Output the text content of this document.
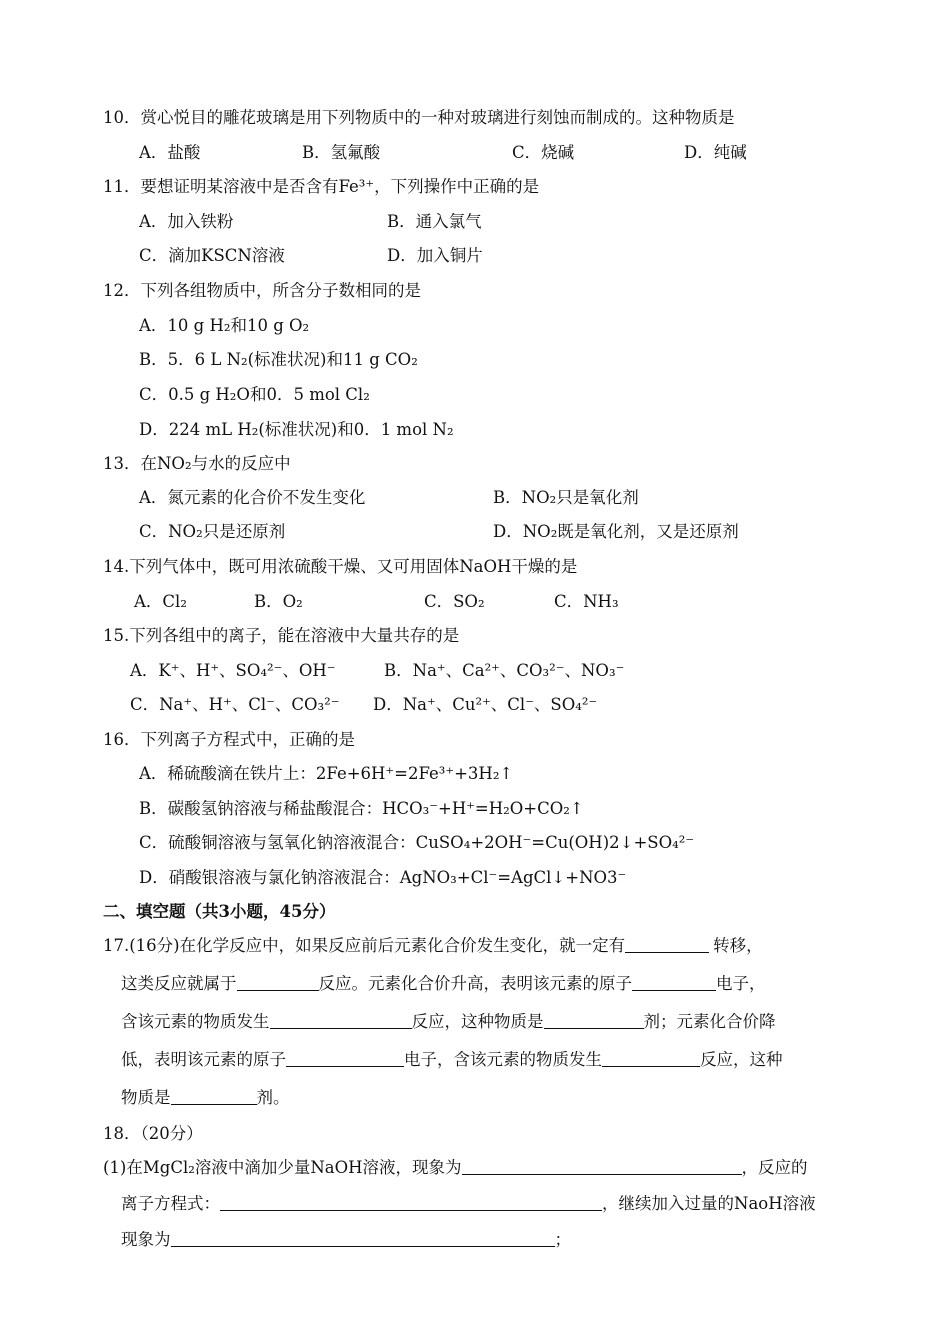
10．赏心悦目的雕花玻璃是用下列物质中的一种对玻璃进行刻蚀而制成的。这种物质是
A．盐酸	B．氢氟酸	C．烧碱	D．纯碱
11．要想证明某溶液中是否含有Fe³⁺，下列操作中正确的是
A．加入铁粉	B．通入氯气
C．滴加KSCN溶液	D．加入铜片
12．下列各组物质中，所含分子数相同的是
A．10 g H₂和10 g O₂
B．5．6 L N₂(标准状况)和11 g CO₂
C．0.5 g H₂O和0．5 mol Cl₂
D．224 mL H₂(标准状况)和0．1 mol N₂
13．在NO₂与水的反应中
A．氮元素的化合价不发生变化	B．NO₂只是氧化剂
C．NO₂只是还原剂	D．NO₂既是氧化剂，又是还原剂
14.下列气体中，既可用浓硫酸干燥、又可用固体NaOH干燥的是
A．Cl₂	B．O₂	C．SO₂	C．NH₃
15.下列各组中的离子，能在溶液中大量共存的是
A．K⁺、H⁺、SO₄²⁻、OH⁻	B．Na⁺、Ca²⁺、CO₃²⁻、NO₃⁻
C．Na⁺、H⁺、Cl⁻、CO₃²⁻ D．Na⁺、Cu²⁺、Cl⁻、SO₄²⁻
16．下列离子方程式中，正确的是
A．稀硫酸滴在铁片上：2Fe+6H⁺=2Fe³⁺+3H₂↑
B．碳酸氢钠溶液与稀盐酸混合：HCO₃⁻+H⁺=H₂O+CO₂↑
C．硫酸铜溶液与氢氧化钠溶液混合：CuSO₄+2OH⁻=Cu(OH)2↓+SO₄²⁻
D．硝酸银溶液与氯化钠溶液混合：AgNO₃+Cl⁻=AgCl↓+NO3⁻
二、填空题（共3小题，45分）
17.(16分)在化学反应中，如果反应前后元素化合价发生变化，就一定有	转移，
这类反应就属于	反应。元素化合价升高，表明该元素的原子	电子，
含该元素的物质发生	反应，这种物质是	剂；元素化合价降
低，表明该元素的原子	电子，含该元素的物质发生	反应，这种
物质是	剂。
18．（20分）
(1)在MgCl₂溶液中滴加少量NaOH溶液，现象为	，反应的
离子方程式：	，继续加入过量的NaoH溶液
现象为	；
